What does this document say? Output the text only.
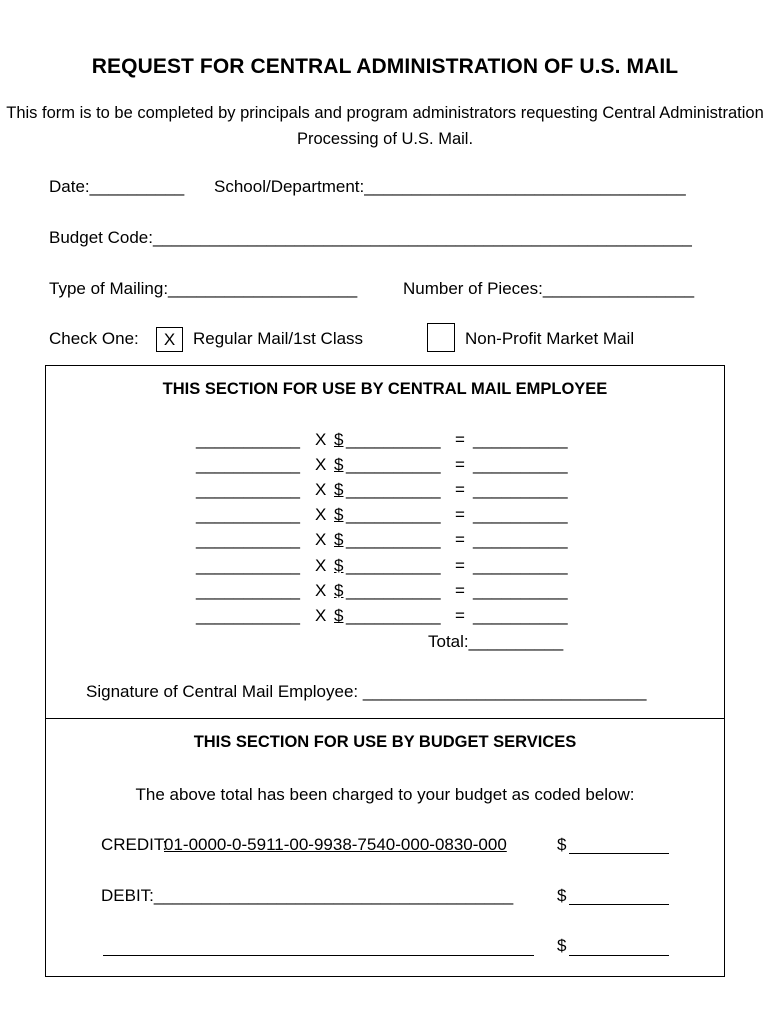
REQUEST FOR CENTRAL ADMINISTRATION OF U.S. MAIL
This form is to be completed by principals and program administrators requesting Central Administration Processing of U.S. Mail.
Date:__________ School/Department:__________________________________
Budget Code:_________________________________________________________
Type of Mailing:____________________	Number of Pieces:________________
Check One:	X	Regular Mail/1st Class	Non-Profit Market Mail
THIS SECTION FOR USE BY CENTRAL MAIL EMPLOYEE
___________ X $ __________ = __________
___________ X $ __________ = __________
___________ X $ __________ = __________
___________ X $ __________ = __________
___________ X $ __________ = __________
___________ X $ __________ = __________
___________ X $ __________ = __________
___________ X $ __________ = __________
Total:__________
Signature of Central Mail Employee: ______________________________
THIS SECTION FOR USE BY BUDGET SERVICES
The above total has been charged to your budget as coded below:
CREDIT:
01-0000-0-5911-00-9938-7540-000-0830-000	$
DEBIT:______________________________________	$
$
